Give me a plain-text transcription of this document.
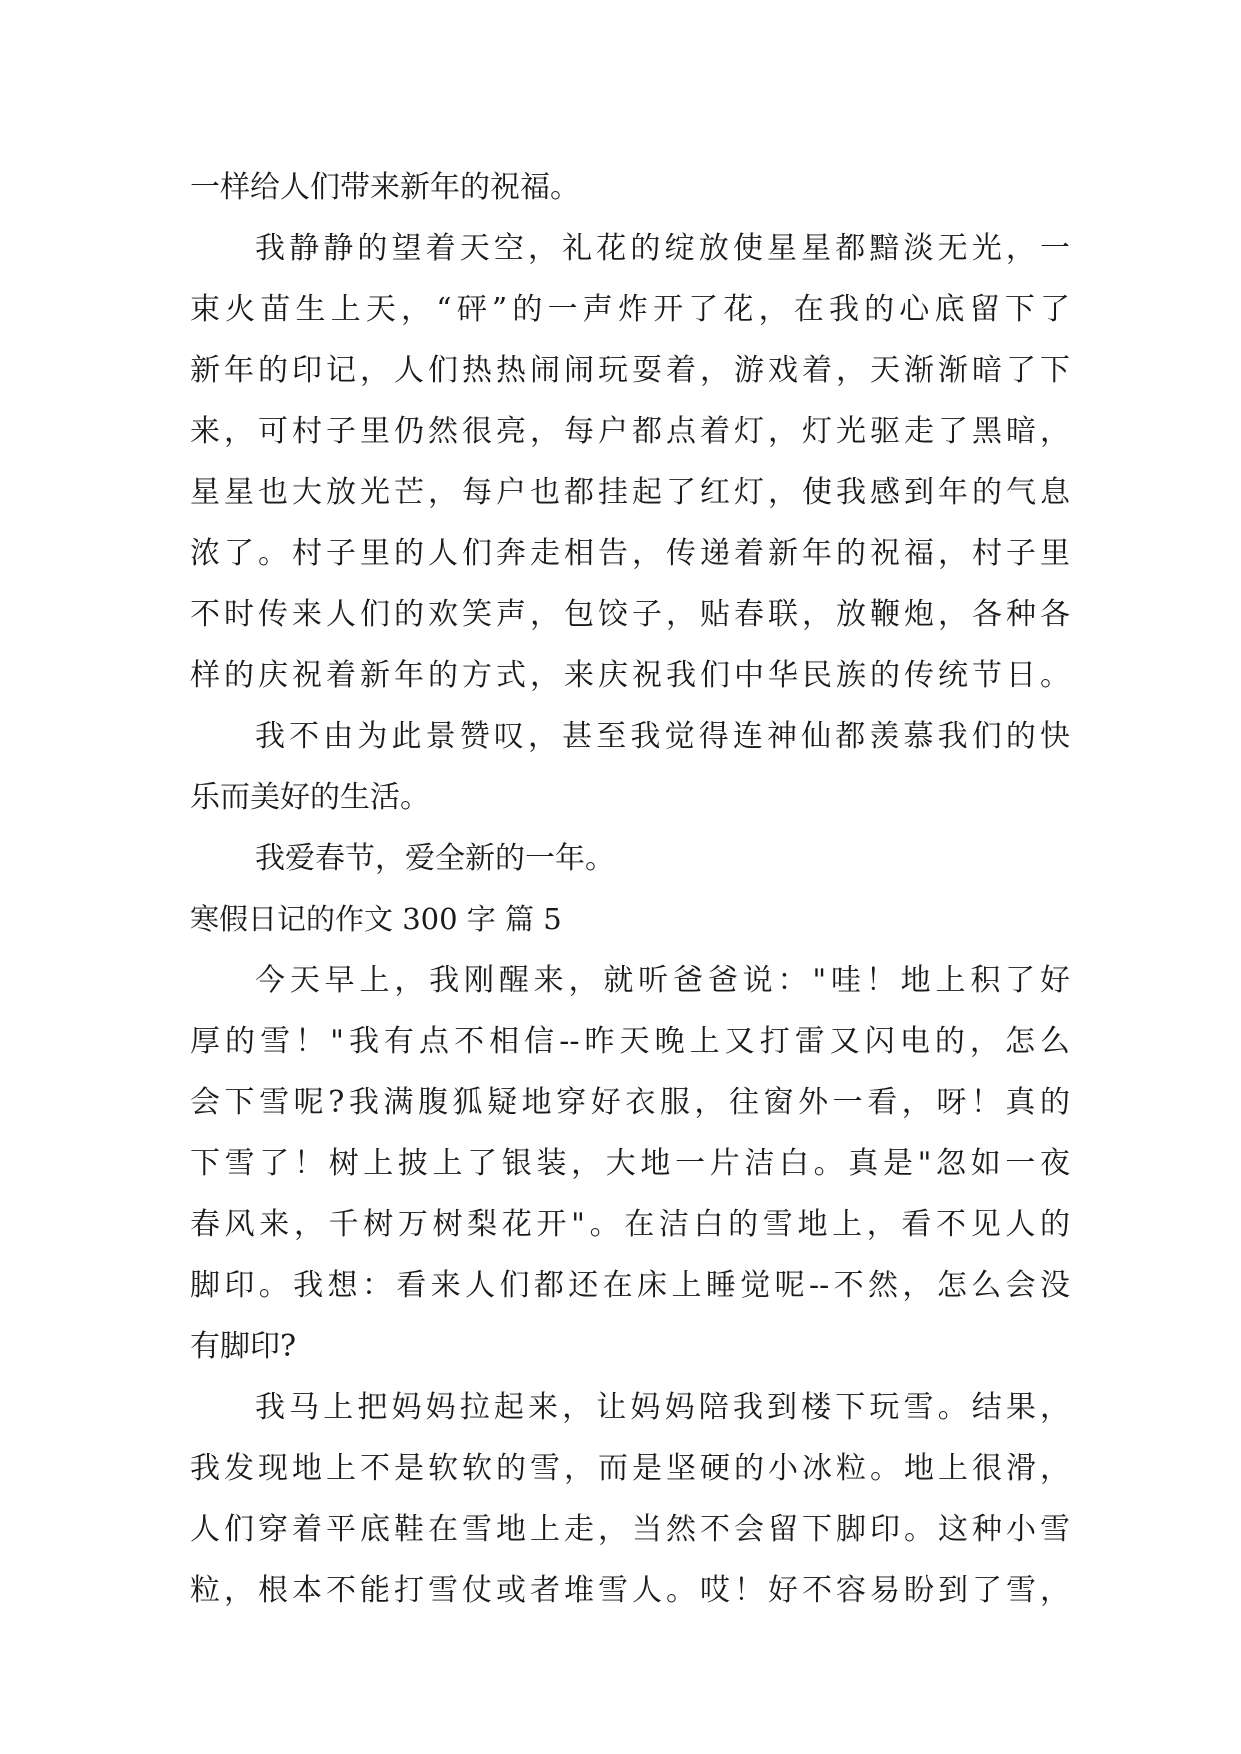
一样给人们带来新年的祝福。
我静静的望着天空，礼花的绽放使星星都黯淡无光，一
束火苗生上天，“砰”的一声炸开了花，在我的心底留下了
新年的印记，人们热热闹闹玩耍着，游戏着，天渐渐暗了下
来，可村子里仍然很亮，每户都点着灯，灯光驱走了黑暗，
星星也大放光芒，每户也都挂起了红灯，使我感到年的气息
浓了。村子里的人们奔走相告，传递着新年的祝福，村子里
不时传来人们的欢笑声，包饺子，贴春联，放鞭炮，各种各
样的庆祝着新年的方式，来庆祝我们中华民族的传统节日。
我不由为此景赞叹，甚至我觉得连神仙都羡慕我们的快
乐而美好的生活。
我爱春节，爱全新的一年。
寒假日记的作文 300 字 篇 5
今天早上，我刚醒来，就听爸爸说："哇！地上积了好
厚的雪！"我有点不相信--昨天晚上又打雷又闪电的，怎么
会下雪呢?我满腹狐疑地穿好衣服，往窗外一看，呀！真的
下雪了！树上披上了银装，大地一片洁白。真是"忽如一夜
春风来，千树万树梨花开"。在洁白的雪地上，看不见人的
脚印。我想：看来人们都还在床上睡觉呢--不然，怎么会没
有脚印?
我马上把妈妈拉起来，让妈妈陪我到楼下玩雪。结果，
我发现地上不是软软的雪，而是坚硬的小冰粒。地上很滑，
人们穿着平底鞋在雪地上走，当然不会留下脚印。这种小雪
粒，根本不能打雪仗或者堆雪人。哎！好不容易盼到了雪，
